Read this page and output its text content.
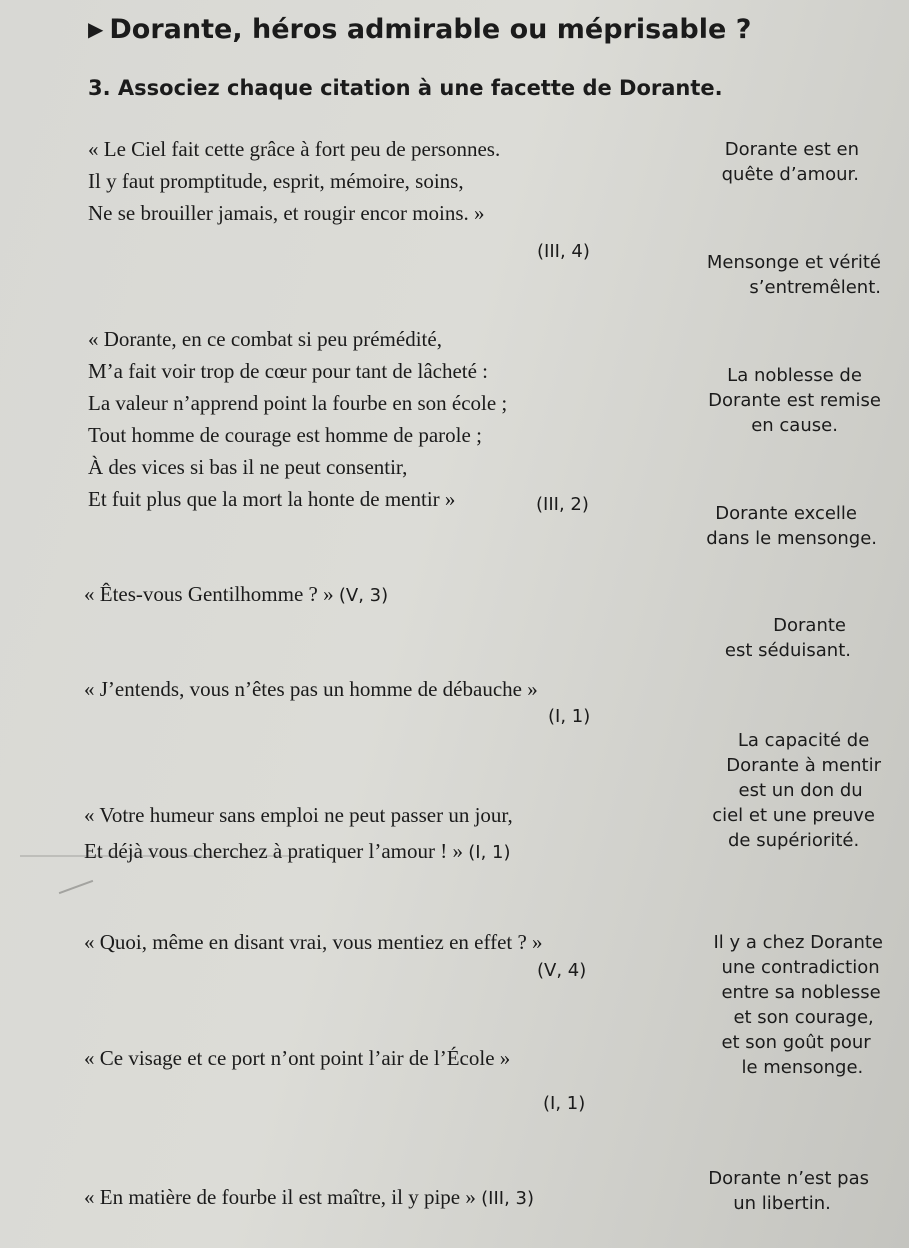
▶ Dorante, héros admirable ou méprisable ?
3. Associez chaque citation à une facette de Dorante.
« Le Ciel fait cette grâce à fort peu de personnes.
Il y faut promptitude, esprit, mémoire, soins,
Ne se brouiller jamais, et rougir encor moins. »
(III, 4)
« Dorante, en ce combat si peu prémédité,
M’a fait voir trop de cœur pour tant de lâcheté :
La valeur n’apprend point la fourbe en son école ;
Tout homme de courage est homme de parole ;
À des vices si bas il ne peut consentir,
Et fuit plus que la mort la honte de mentir »	(III, 2)
« Êtes-vous Gentilhomme ? » (V, 3)
« J’entends, vous n’êtes pas un homme de débauche »
(I, 1)
« Votre humeur sans emploi ne peut passer un jour,
Et déjà vous cherchez à pratiquer l’amour ! » (I, 1)
« Quoi, même en disant vrai, vous mentiez en effet ? »
(V, 4)
« Ce visage et ce port n’ont point l’air de l’École »
(I, 1)
« En matière de fourbe il est maître, il y pipe » (III, 3)
Dorante est en
quête d’amour.
Mensonge et vérité
s’entremêlent.
La noblesse de
Dorante est remise
en cause.
Dorante excelle
dans le mensonge.
Dorante
est séduisant.
La capacité de
Dorante à mentir
est un don du
ciel et une preuve
de supériorité.
Il y a chez Dorante
une contradiction
entre sa noblesse
et son courage,
et son goût pour
le mensonge.
Dorante n’est pas
un libertin.
